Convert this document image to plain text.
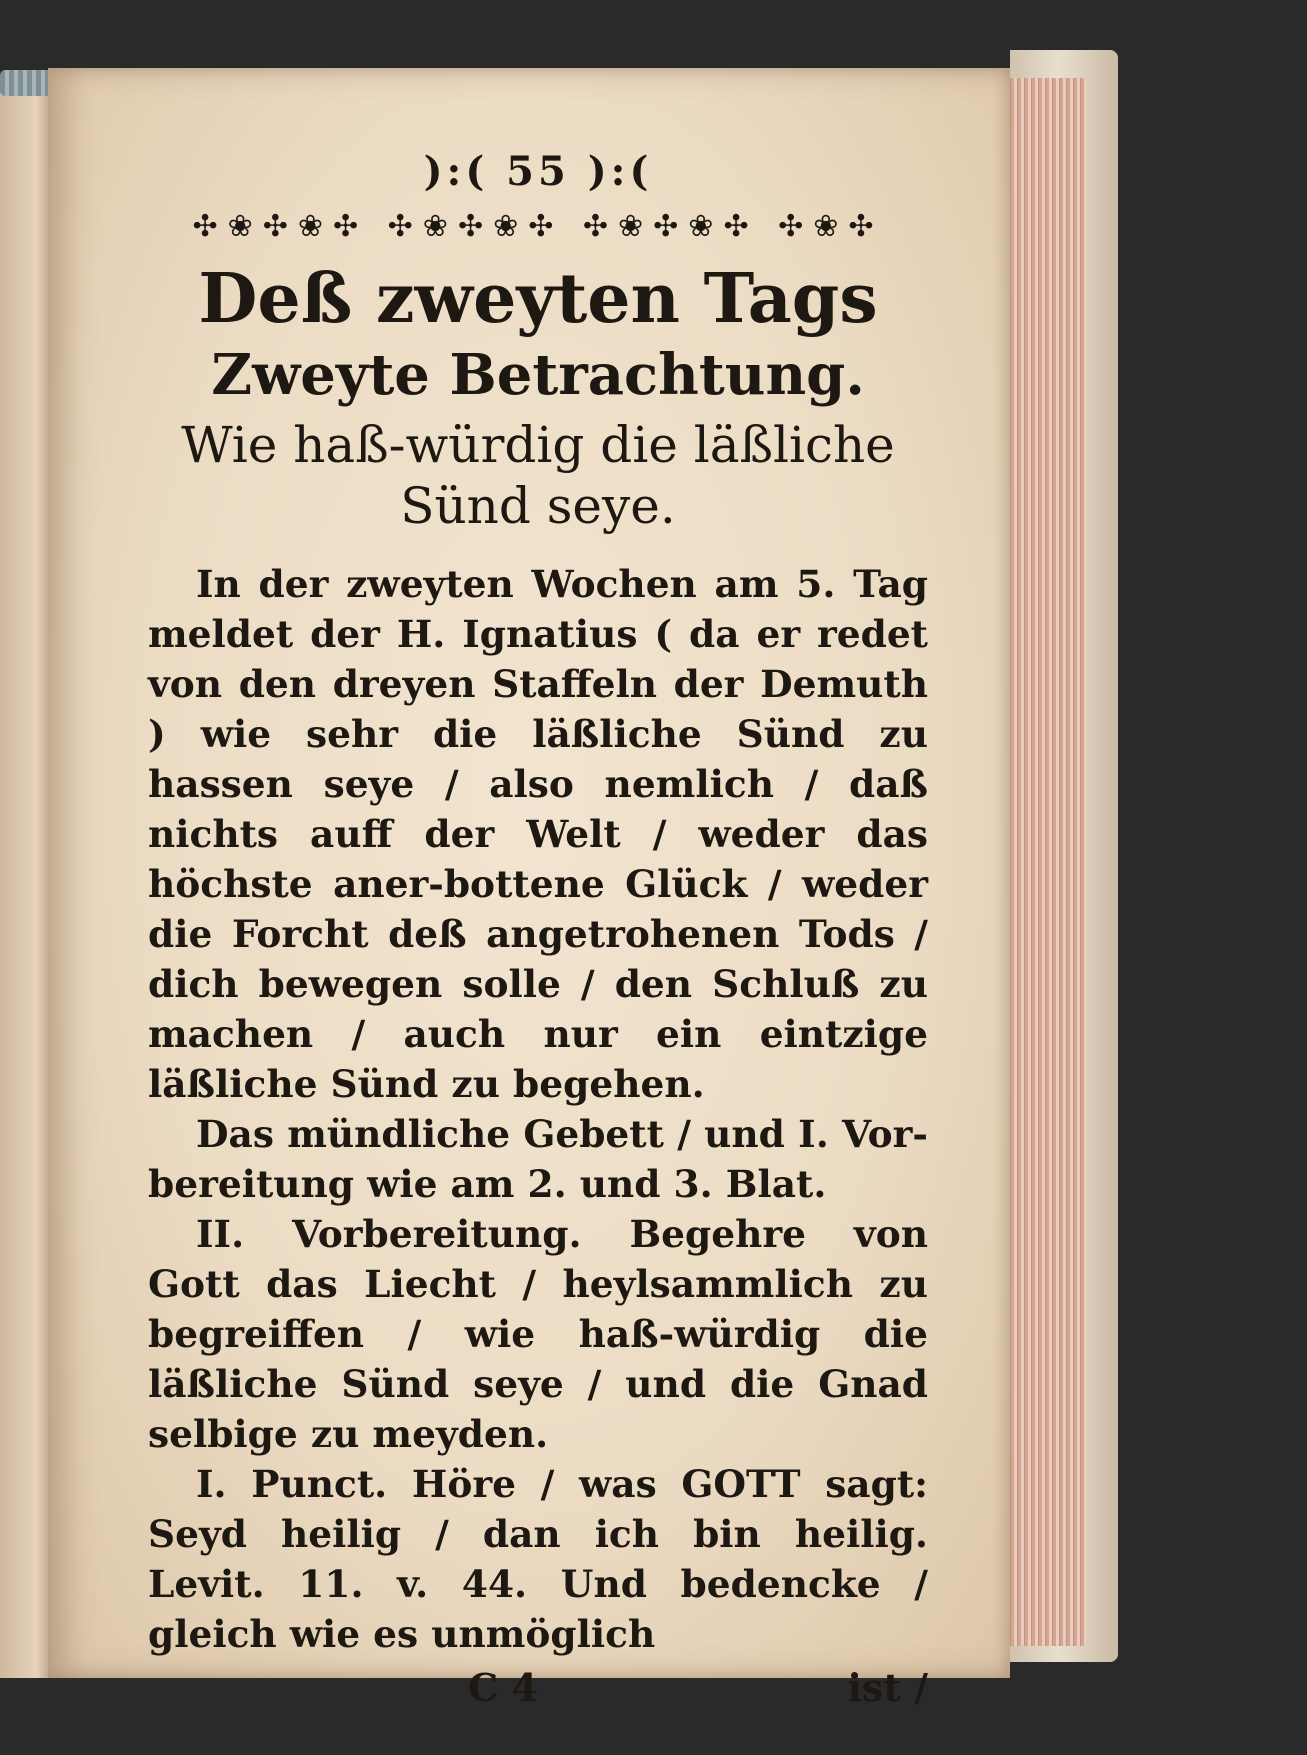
):( 55 ):(
✣❀✣❀✣ ✣❀✣❀✣ ✣❀✣❀✣ ✣❀✣
Deß zweyten Tags
Zweyte Betrachtung.
Wie haß-würdig die läßliche
Sünd seye.

In der zweyten Wochen am 5. Tag meldet der H. Ignatius ( da er redet von den dreyen Staffeln der Demuth ) wie sehr die läßliche Sünd zu hassen seye / also nemlich / daß nichts auff der Welt / weder das höchste aner-bottene Glück / weder die Forcht deß angetrohenen Tods / dich bewegen solle / den Schluß zu machen / auch nur ein eintzige läßliche Sünd zu begehen.

Das mündliche Gebett / und I. Vor-bereitung wie am 2. und 3. Blat.

II. Vorbereitung. Begehre von Gott das Liecht / heylsammlich zu begreiffen / wie haß-würdig die läßliche Sünd seye / und die Gnad selbige zu meyden.

I. Punct. Höre / was GOTT sagt: Seyd heilig / dan ich bin heilig. Levit. 11. v. 44. Und bedencke / gleich wie es unmöglich

C 4	ist /
